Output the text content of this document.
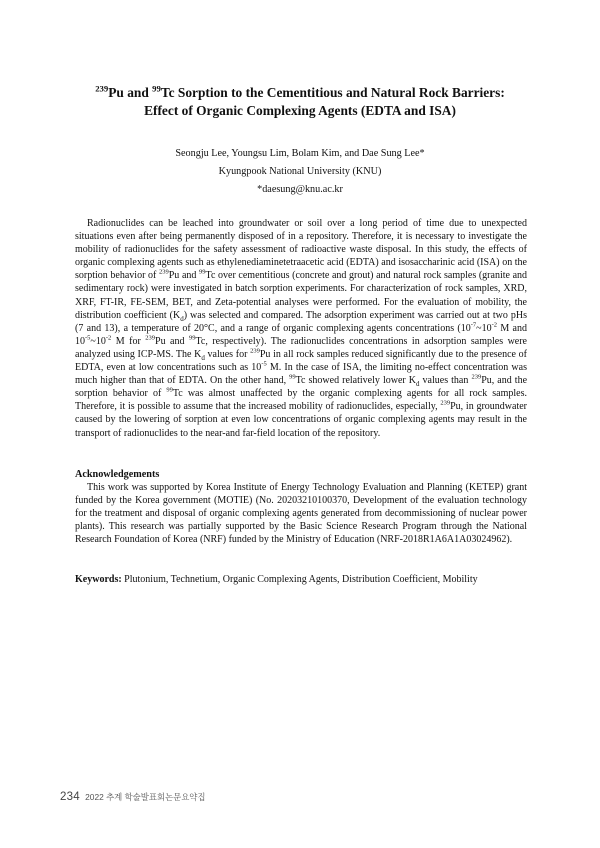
$^{239}$Pu and $^{99}$Tc Sorption to the Cementitious and Natural Rock Barriers:
Effect of Organic Complexing Agents (EDTA and ISA)
Seongju Lee, Youngsu Lim, Bolam Kim, and Dae Sung Lee*
Kyungpook National University (KNU)
*daesung@knu.ac.kr

Radionuclides can be leached into groundwater or soil over a long period of time due to unexpected situations even after being permanently disposed of in a repository. Therefore, it is necessary to investigate the mobility of radionuclides for the safety assessment of radioactive waste disposal. In this study, the effects of organic complexing agents such as ethylenediaminetetraacetic acid (EDTA) and isosaccharinic acid (ISA) on the sorption behavior of $^{239}$Pu and $^{99}$Tc over cementitious (concrete and grout) and natural rock samples (granite and sedimentary rock) were investigated in batch sorption experiments. For characterization of rock samples, XRD, XRF, FT-IR, FE-SEM, BET, and Zeta-potential analyses were performed. For the evaluation of mobility, the distribution coefficient $(K_d)$ was selected and compared. The adsorption experiment was carried out at two pHs (7 and 13), a temperature of 20°C, and a range of organic complexing agents concentrations ($10^{-7}\sim 10^{-2}$ M and $10^{-5}\sim 10^{-2}$ M for $^{239}$Pu and $^{99}$Tc, respectively). The radionuclides concentrations in adsorption samples were analyzed using ICP-MS. The $K_d$ values for $^{239}$Pu in all rock samples reduced significantly due to the presence of EDTA, even at low concentrations such as $10^{-5}$ M. In the case of ISA, the limiting no-effect concentration was much higher than that of EDTA. On the other hand, $^{99}$Tc showed relatively lower $K_d$ values than $^{239}$Pu, and the sorption behavior of $^{99}$Tc was almost unaffected by the organic complexing agents for all rock samples. Therefore, it is possible to assume that the increased mobility of radionuclides, especially, $^{239}$Pu, in groundwater caused by the lowering of sorption at even low concentrations of organic complexing agents may result in the transport of radionuclides to the near-and far-field location of the repository.

Acknowledgements

This work was supported by Korea Institute of Energy Technology Evaluation and Planning (KETEP) grant funded by the Korea government (MOTIE) (No. 20203210100370, Development of the evaluation technology for the treatment and disposal of organic complexing agents generated from decommissioning of nuclear power plants). This research was partially supported by the Basic Science Research Program through the National Research Foundation of Korea (NRF) funded by the Ministry of Education (NRF-2018R1A6A1A03024962).

Keywords: Plutonium, Technetium, Organic Complexing Agents, Distribution Coefficient, Mobility

234 2022 추계 학술발표회논문요약집
